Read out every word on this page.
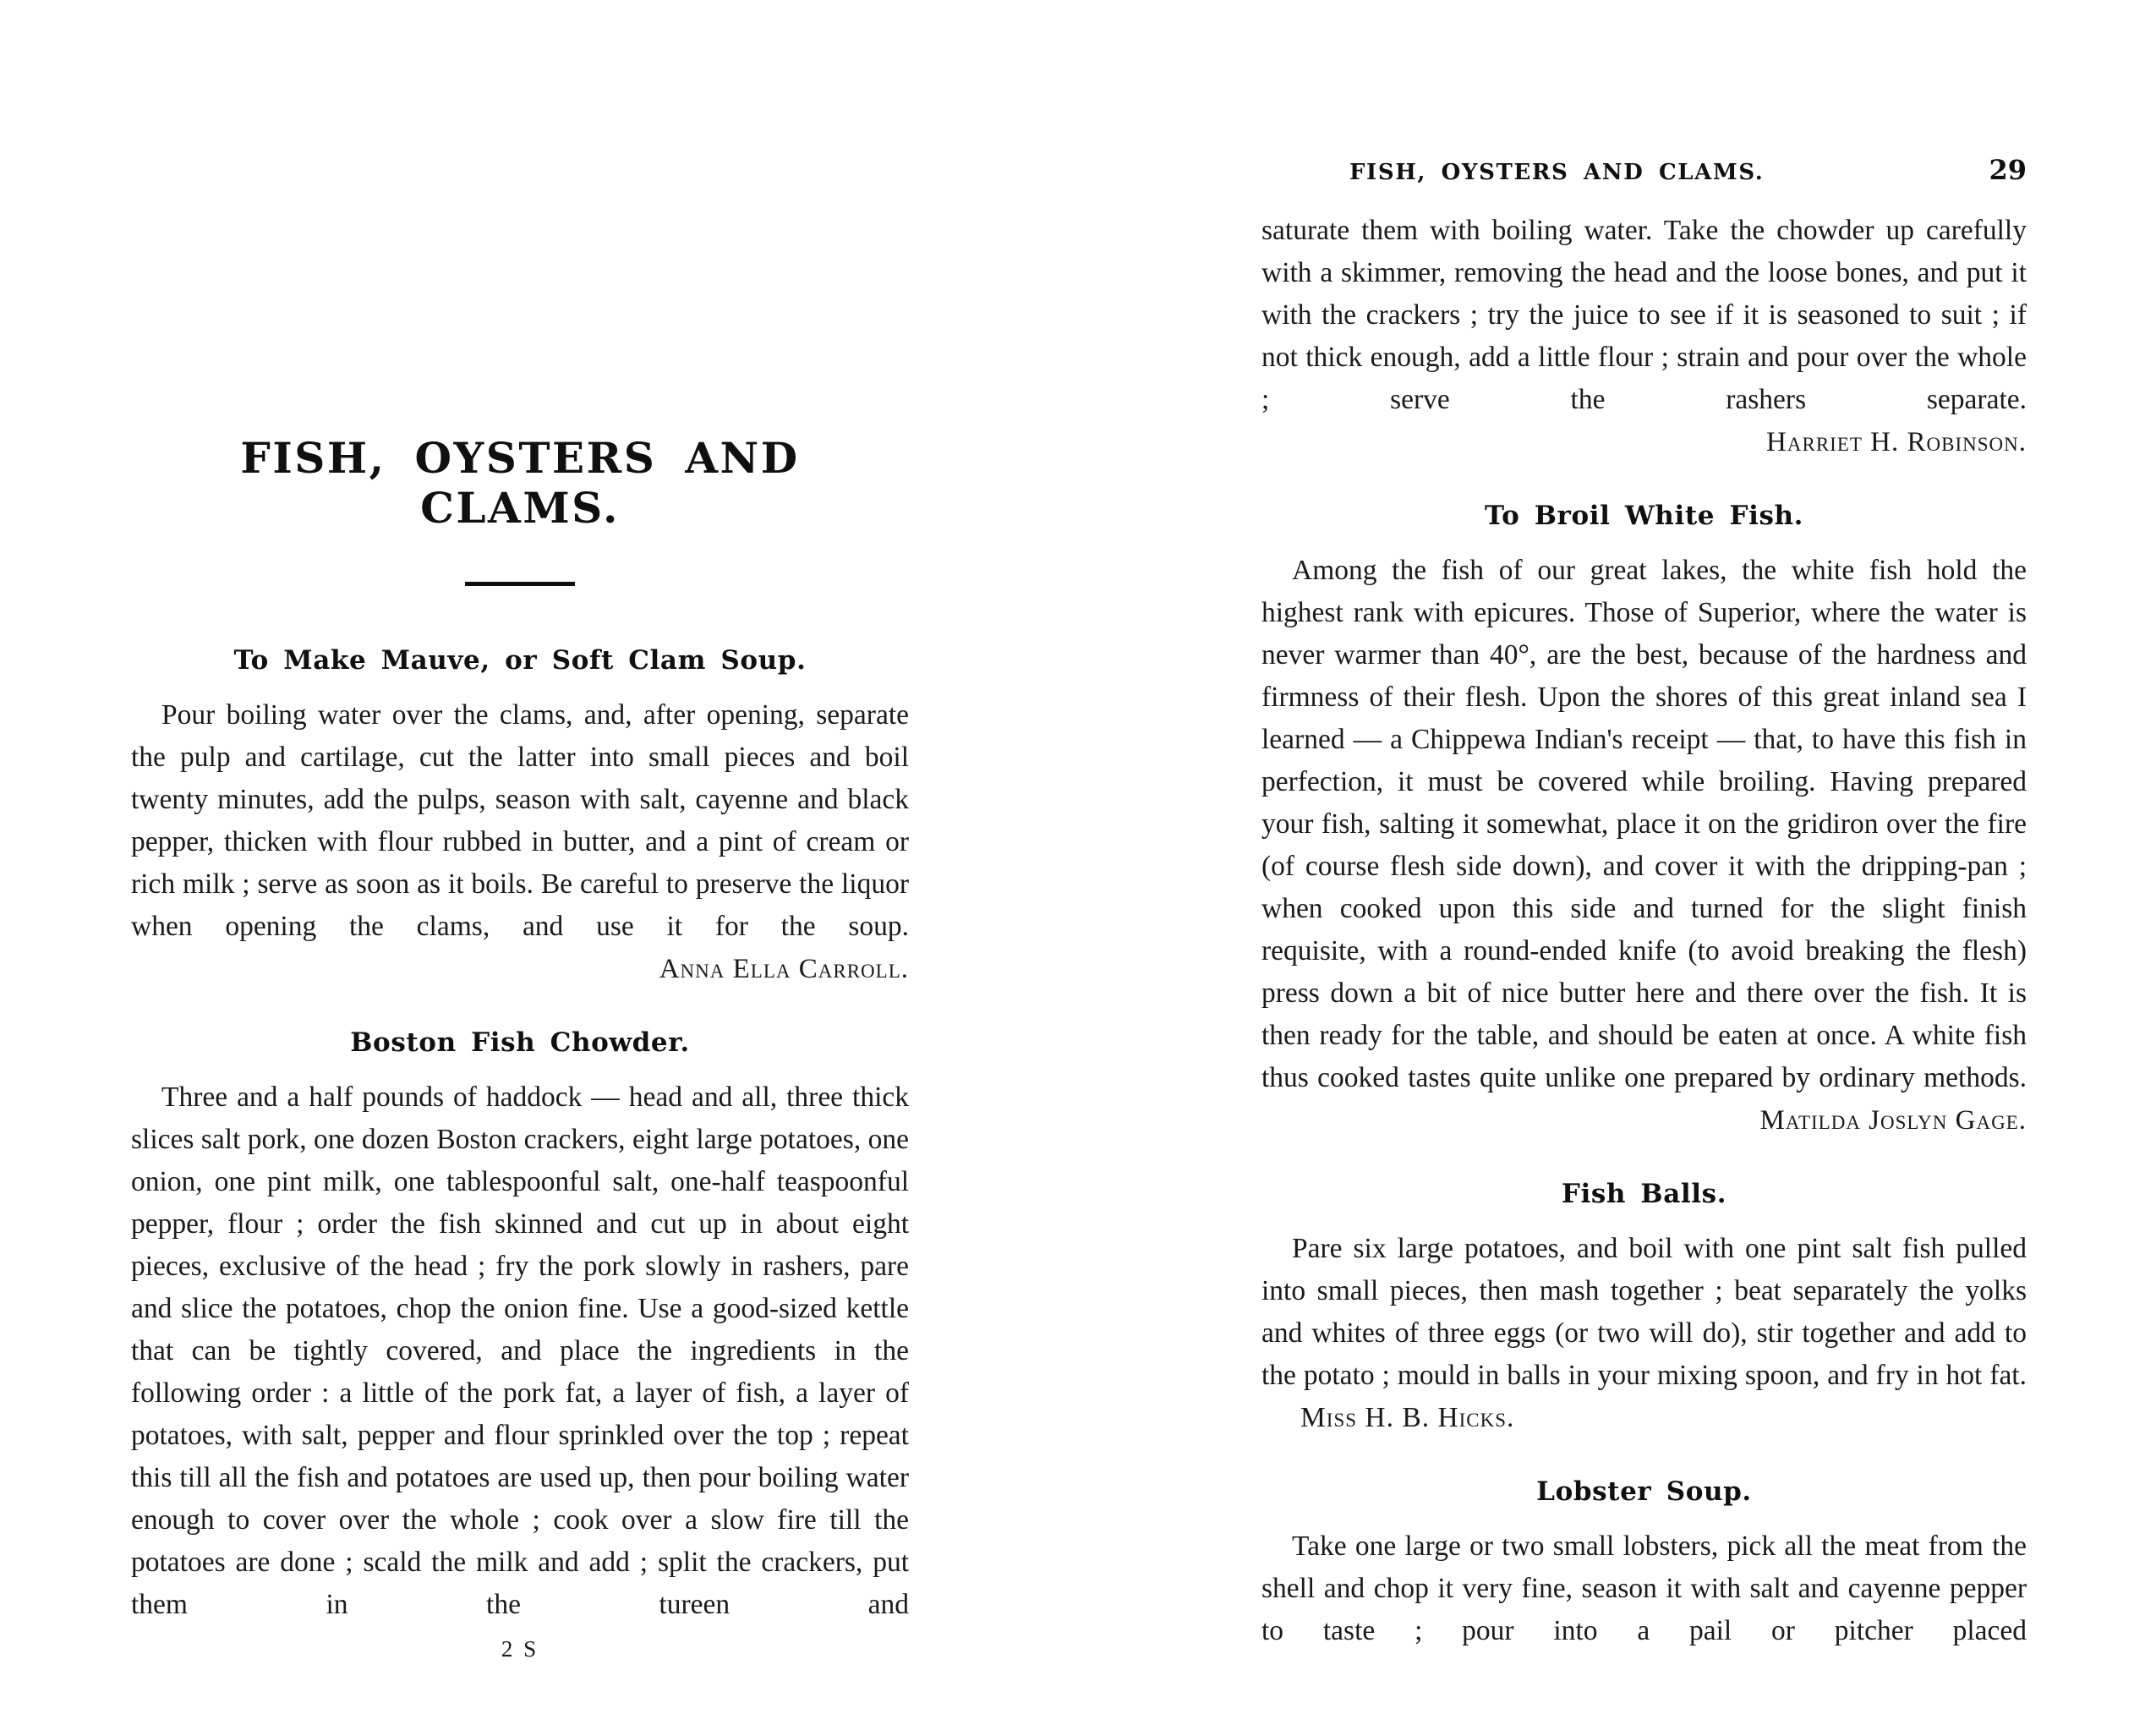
FISH, OYSTERS AND CLAMS.
To Make Mauve, or Soft Clam Soup.

Pour boiling water over the clams, and, after opening, separate the pulp and cartilage, cut the latter into small pieces and boil twenty minutes, add the pulps, season with salt, cayenne and black pepper, thicken with flour rubbed in butter, and a pint of cream or rich milk ; serve as soon as it boils. Be careful to preserve the liquor when opening the clams, and use it for the soup.

Anna Ella Carroll.

Boston Fish Chowder.

Three and a half pounds of haddock — head and all, three thick slices salt pork, one dozen Boston crackers, eight large potatoes, one onion, one pint milk, one tablespoonful salt, one-half teaspoonful pepper, flour ; order the fish skinned and cut up in about eight pieces, exclusive of the head ; fry the pork slowly in rashers, pare and slice the potatoes, chop the onion fine. Use a good-sized kettle that can be tightly covered, and place the ingredients in the following order : a little of the pork fat, a layer of fish, a layer of potatoes, with salt, pepper and flour sprinkled over the top ; repeat this till all the fish and potatoes are used up, then pour boiling water enough to cover over the whole ; cook over a slow fire till the potatoes are done ; scald the milk and add ; split the crackers, put them in the tureen and

2 S

FISH, OYSTERS AND CLAMS.	29

saturate them with boiling water. Take the chowder up carefully with a skimmer, removing the head and the loose bones, and put it with the crackers ; try the juice to see if it is seasoned to suit ; if not thick enough, add a little flour ; strain and pour over the whole ; serve the rashers separate.

Harriet H. Robinson.

To Broil White Fish.

Among the fish of our great lakes, the white fish hold the highest rank with epicures. Those of Superior, where the water is never warmer than 40°, are the best, because of the hardness and firmness of their flesh. Upon the shores of this great inland sea I learned — a Chippewa Indian's receipt — that, to have this fish in perfection, it must be covered while broiling. Having prepared your fish, salting it somewhat, place it on the gridiron over the fire (of course flesh side down), and cover it with the dripping-pan ; when cooked upon this side and turned for the slight finish requisite, with a round-ended knife (to avoid breaking the flesh) press down a bit of nice butter here and there over the fish. It is then ready for the table, and should be eaten at once. A white fish thus cooked tastes quite unlike one prepared by ordinary methods.

Matilda Joslyn Gage.

Fish Balls.

Pare six large potatoes, and boil with one pint salt fish pulled into small pieces, then mash together ; beat separately the yolks and whites of three eggs (or two will do), stir together and add to the potato ; mould in balls in your mixing spoon, and fry in hot fat.Miss H. B. Hicks.

Lobster Soup.

Take one large or two small lobsters, pick all the meat from the shell and chop it very fine, season it with salt and cayenne pepper to taste ; pour into a pail or pitcher placed
